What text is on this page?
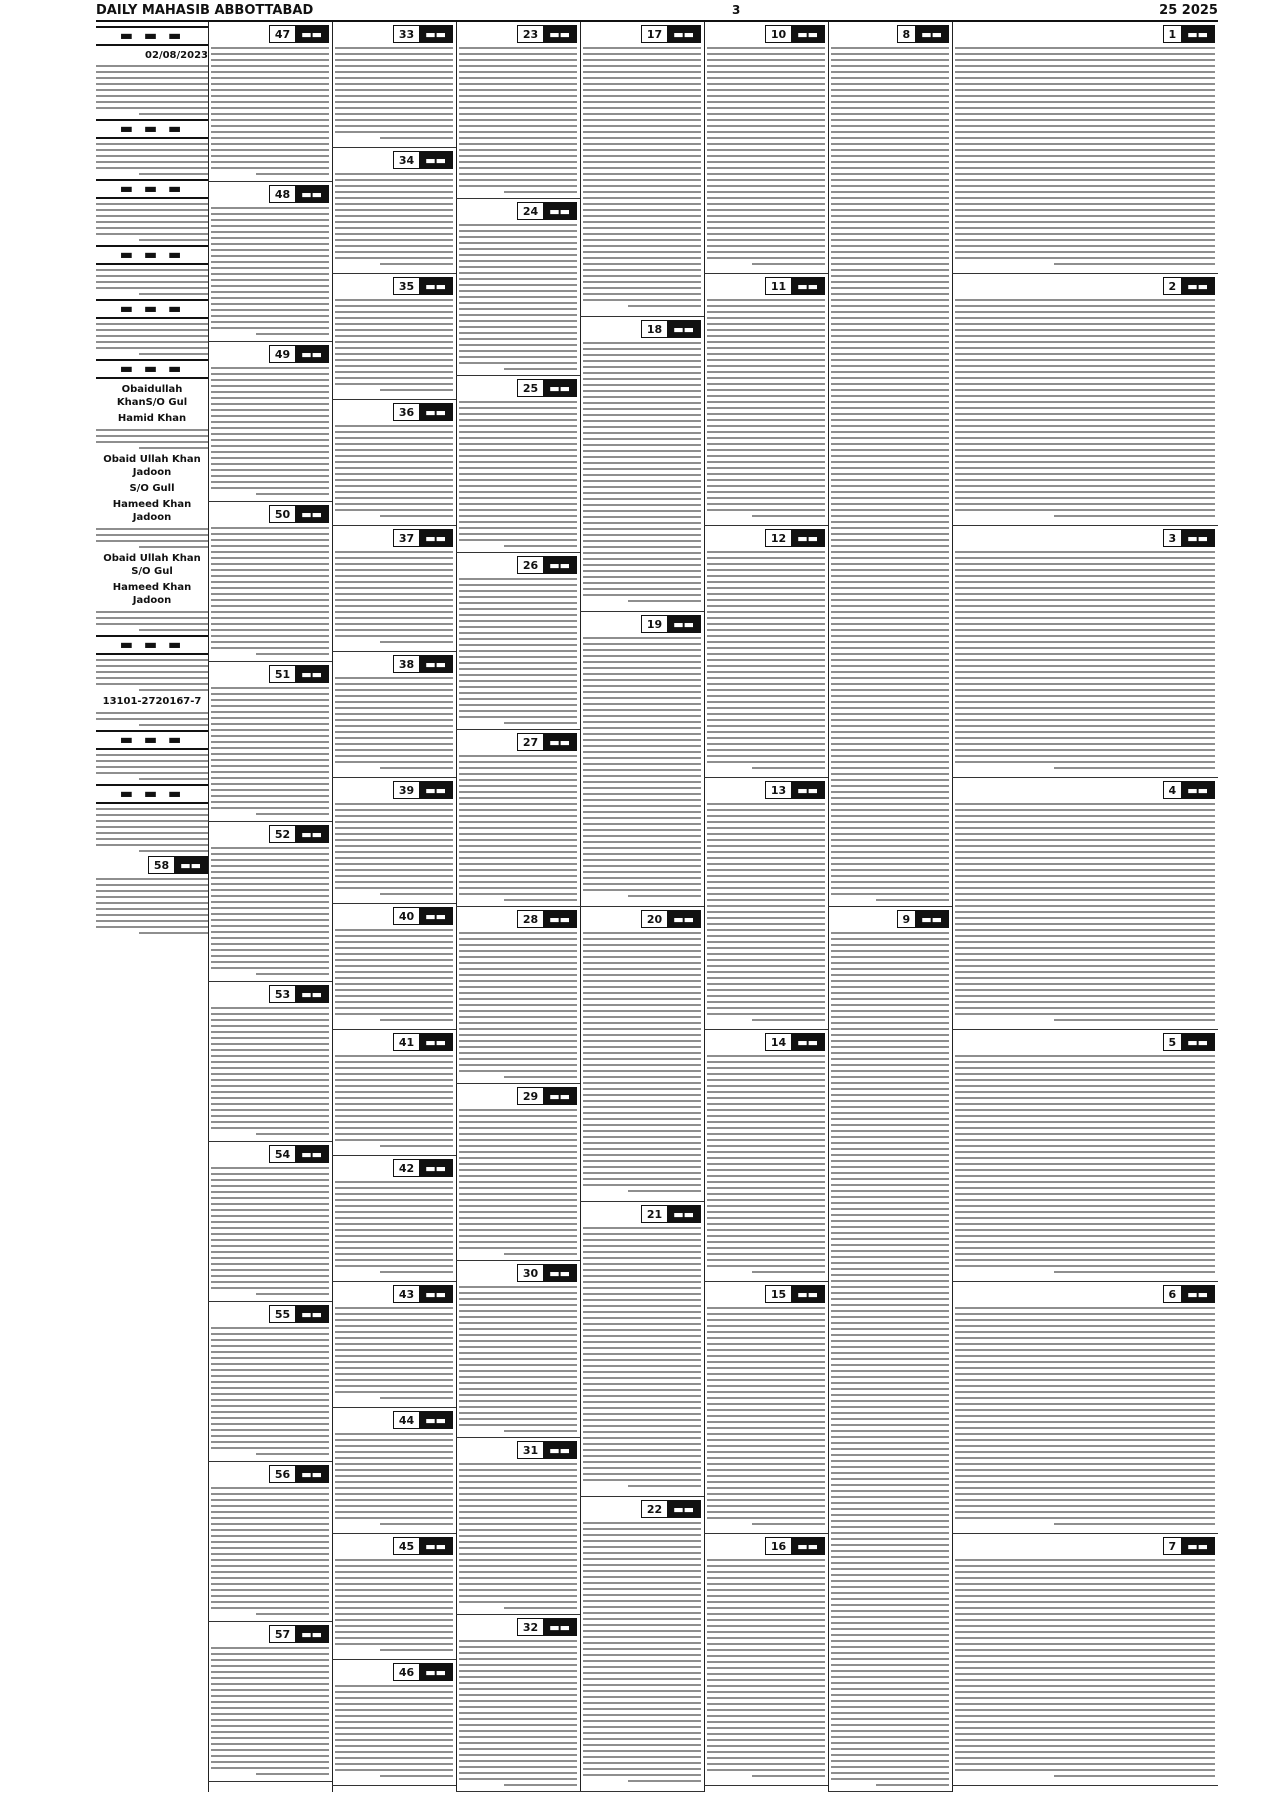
DAILY MAHASIB ABBOTTABAD	3	25 2025
▬ ▬ ▬
02/08/2023
▬ ▬ ▬
▬ ▬ ▬
▬ ▬ ▬
▬ ▬ ▬
▬ ▬ ▬
Obaidullah KhanS/O Gul
Hamid Khan
Obaid Ullah Khan Jadoon
S/O Gull
Hameed Khan Jadoon
Obaid Ullah Khan S/O Gul
Hameed Khan Jadoon
▬ ▬ ▬
13101-2720167-7
▬ ▬ ▬
▬ ▬ ▬
58	▬▬
47	▬▬
48	▬▬
49	▬▬
50	▬▬
51	▬▬
52	▬▬
53	▬▬
54	▬▬
55	▬▬
56	▬▬
57	▬▬
33	▬▬
34	▬▬
35	▬▬
36	▬▬
37	▬▬
38	▬▬
39	▬▬
40	▬▬
41	▬▬
42	▬▬
43	▬▬
44	▬▬
45	▬▬
46	▬▬
23	▬▬
24	▬▬
25	▬▬
26	▬▬
27	▬▬
28	▬▬
29	▬▬
30	▬▬
31	▬▬
32	▬▬
17	▬▬
18	▬▬
19	▬▬
20	▬▬
21	▬▬
22	▬▬
10	▬▬
11	▬▬
12	▬▬
13	▬▬
14	▬▬
15	▬▬
16	▬▬
8	▬▬
9	▬▬
1	▬▬
2	▬▬
3	▬▬
4	▬▬
5	▬▬
6	▬▬
7	▬▬
